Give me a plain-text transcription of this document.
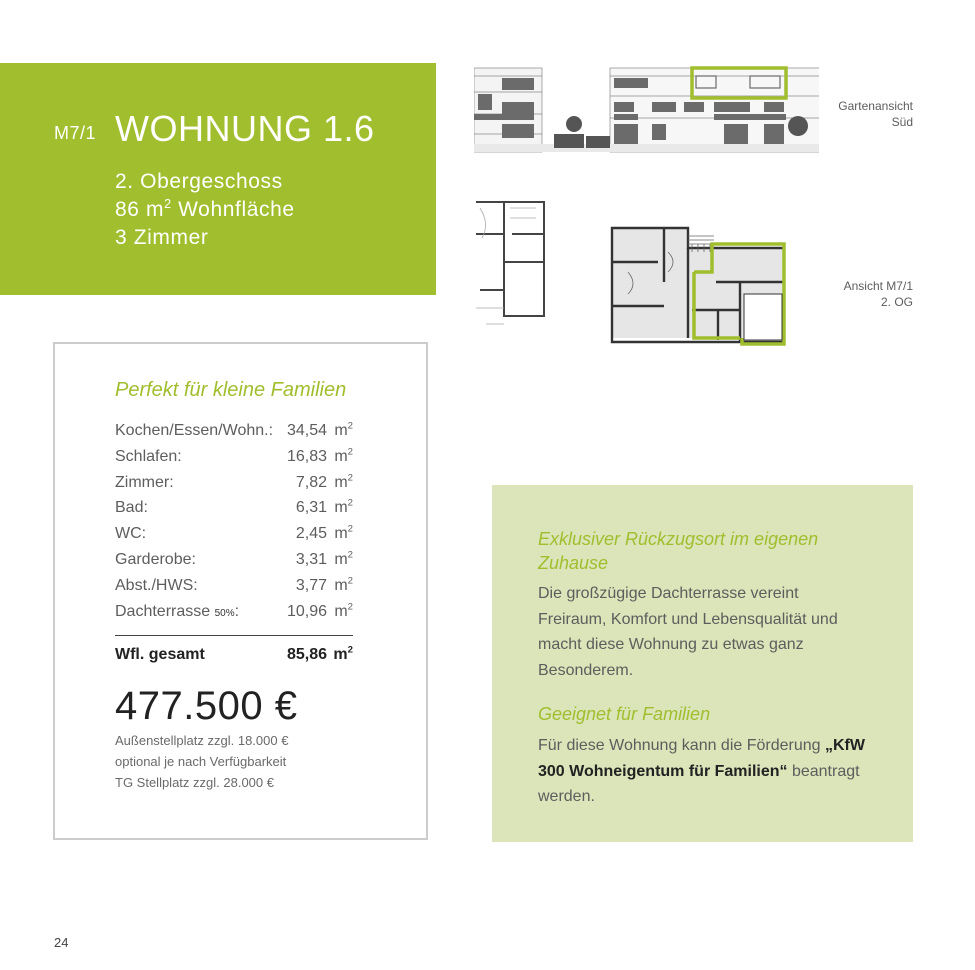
M7/1 WOHNUNG 1.6
2. Obergeschoss
86 $m^2$ Wohnfläche
3 Zimmer
Gartenansicht
Süd
Ansicht M7/1
2. OG
Perfekt für kleine Familien
Kochen/Essen/Wohn.: 34,54 $m^2$
Schlafen:	16,83 $m^2$
Zimmer:	7,82 $m^2$
Bad:	6,31 $m^2$
WC:	2,45 $m^2$
Garderobe:	3,31 $m^2$
Abst./HWS:	3,77 $m^2$
Dachterrasse 50%:	10,96 $m^2$
Wfl. gesamt	85,86 $m^2$
477.500 €
Außenstellplatz zzgl. 18.000 €
optional je nach Verfügbarkeit
TG Stellplatz zzgl. 28.000 €
Exklusiver Rückzugsort im eigenen Zuhause
Die großzügige Dachterrasse vereint Freiraum, Komfort und Lebensqualität und macht diese Wohnung zu etwas ganz Besonderem.
Geeignet für Familien
Für diese Wohnung kann die Förderung „KfW 300 Wohneigentum für Familien“ beantragt werden.
24
